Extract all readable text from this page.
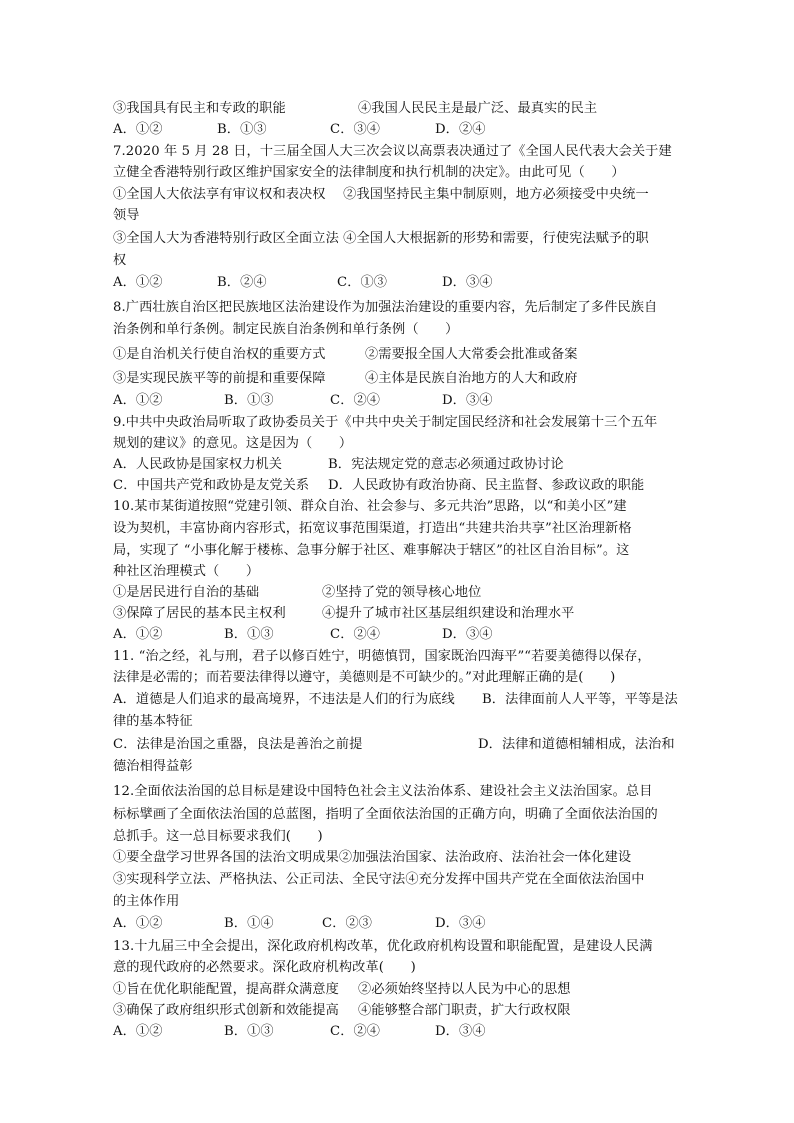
③我国具有民主和专政的职能	④我国人民民主是最广泛、最真实的民主
A．①②	B．①③	C．③④	D．②④
7.2020 年 5 月 28 日，十三届全国人大三次会议以高票表决通过了《全国人民代表大会关于建
立健全香港特别行政区维护国家安全的法律制度和执行机制的决定》。由此可见（　　）
①全国人大依法享有审议权和表决权　 ②我国坚持民主集中制原则，地方必须接受中央统一
领导
③全国人大为香港特别行政区全面立法 ④全国人大根据新的形势和需要，行使宪法赋予的职
权
A．①②	B．②④	C．①③	D．③④
8.广西壮族自治区把民族地区法治建设作为加强法治建设的重要内容，先后制定了多件民族自
治条例和单行条例。制定民族自治条例和单行条例（　　）
①是自治机关行使自治权的重要方式	②需要报全国人大常委会批准或备案
③是实现民族平等的前提和重要保障	④主体是民族自治地方的人大和政府
A．①②	B．①③	C．②④	D．③④
9.中共中央政治局听取了政协委员关于《中共中央关于制定国民经济和社会发展第十三个五年
规划的建议》的意见。这是因为（　　）
A．人民政协是国家权力机关	B．宪法规定党的意志必须通过政协讨论
C．中国共产党和政协是友党关系 D．人民政协有政治协商、民主监督、参政议政的职能
10.某市某街道按照“党建引领、群众自治、社会参与、多元共治”思路，以“和美小区”建
设为契机，丰富协商内容形式，拓宽议事范围渠道，打造出“共建共治共享”社区治理新格
局，实现了 “小事化解于楼栋、急事分解于社区、难事解决于辖区”的社区自治目标”。这
种社区治理模式（　　）
①是居民进行自治的基础	②坚持了党的领导核心地位
③保障了居民的基本民主权利	④提升了城市社区基层组织建设和治理水平
A．①②	B．①③	C．②④	D．③④
11. “治之经，礼与刑，君子以修百姓宁，明德慎罚，国家既治四海平”“若要美德得以保存，
法律是必需的；而若要法律得以遵守，美德则是不可缺少的。”对此理解正确的是(　　)
A．道德是人们追求的最高境界，不违法是人们的行为底线 B．法律面前人人平等，平等是法
律的基本特征
C．法律是治国之重器，良法是善治之前提	D．法律和道德相辅相成，法治和
德治相得益彰
12.全面依法治国的总目标是建设中国特色社会主义法治体系、建设社会主义法治国家。总目
标标擘画了全面依法治国的总蓝图，指明了全面依法治国的正确方向，明确了全面依法治国的
总抓手。这一总目标要求我们(　　)
①要全盘学习世界各国的法治文明成果②加强法治国家、法治政府、法治社会一体化建设
③实现科学立法、严格执法、公正司法、全民守法④充分发挥中国共产党在全面依法治国中
的主体作用
A．①②	B．①④	C．②③	D．③④
13.十九届三中全会提出，深化政府机构改革，优化政府机构设置和职能配置，是建设人民满
意的现代政府的必然要求。深化政府机构改革(　　)
①旨在优化职能配置，提高群众满意度 ②必须始终坚持以人民为中心的思想
③确保了政府组织形式创新和效能提高 ④能够整合部门职责，扩大行政权限
A．①②	B．①③	C．②④	D．③④
